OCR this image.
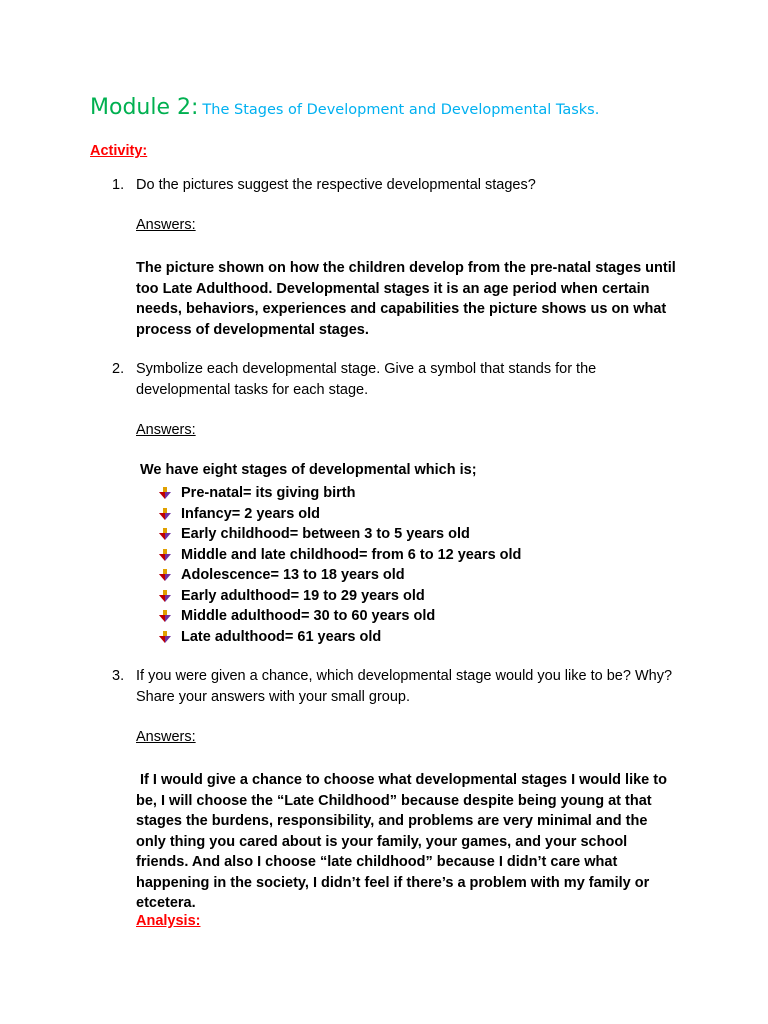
Module 2: The Stages of Development and Developmental Tasks.
Activity:
1. Do the pictures suggest the respective developmental stages?
Answers:
The picture shown on how the children develop from the pre-natal stages until too Late Adulthood. Developmental stages it is an age period when certain needs, behaviors, experiences and capabilities the picture shows us on what process of developmental stages.
2. Symbolize each developmental stage. Give a symbol that stands for the developmental tasks for each stage.
Answers:
We have eight stages of developmental which is;
Pre-natal= its giving birth
Infancy= 2 years old
Early childhood= between 3 to 5 years old
Middle and late childhood= from 6 to 12 years old
Adolescence= 13 to 18 years old
Early adulthood= 19 to 29 years old
Middle adulthood= 30 to 60 years old
Late adulthood= 61 years old
3. If you were given a chance, which developmental stage would you like to be? Why? Share your answers with your small group.
Answers:
If I would give a chance to choose what developmental stages I would like to be, I will choose the “Late Childhood” because despite being young at that stages the burdens, responsibility, and problems are very minimal and the only thing you cared about is your family, your games, and your school friends. And also I choose “late childhood” because I didn’t care what happening in the society, I didn’t feel if there’s a problem with my family or etcetera.
Analysis:
